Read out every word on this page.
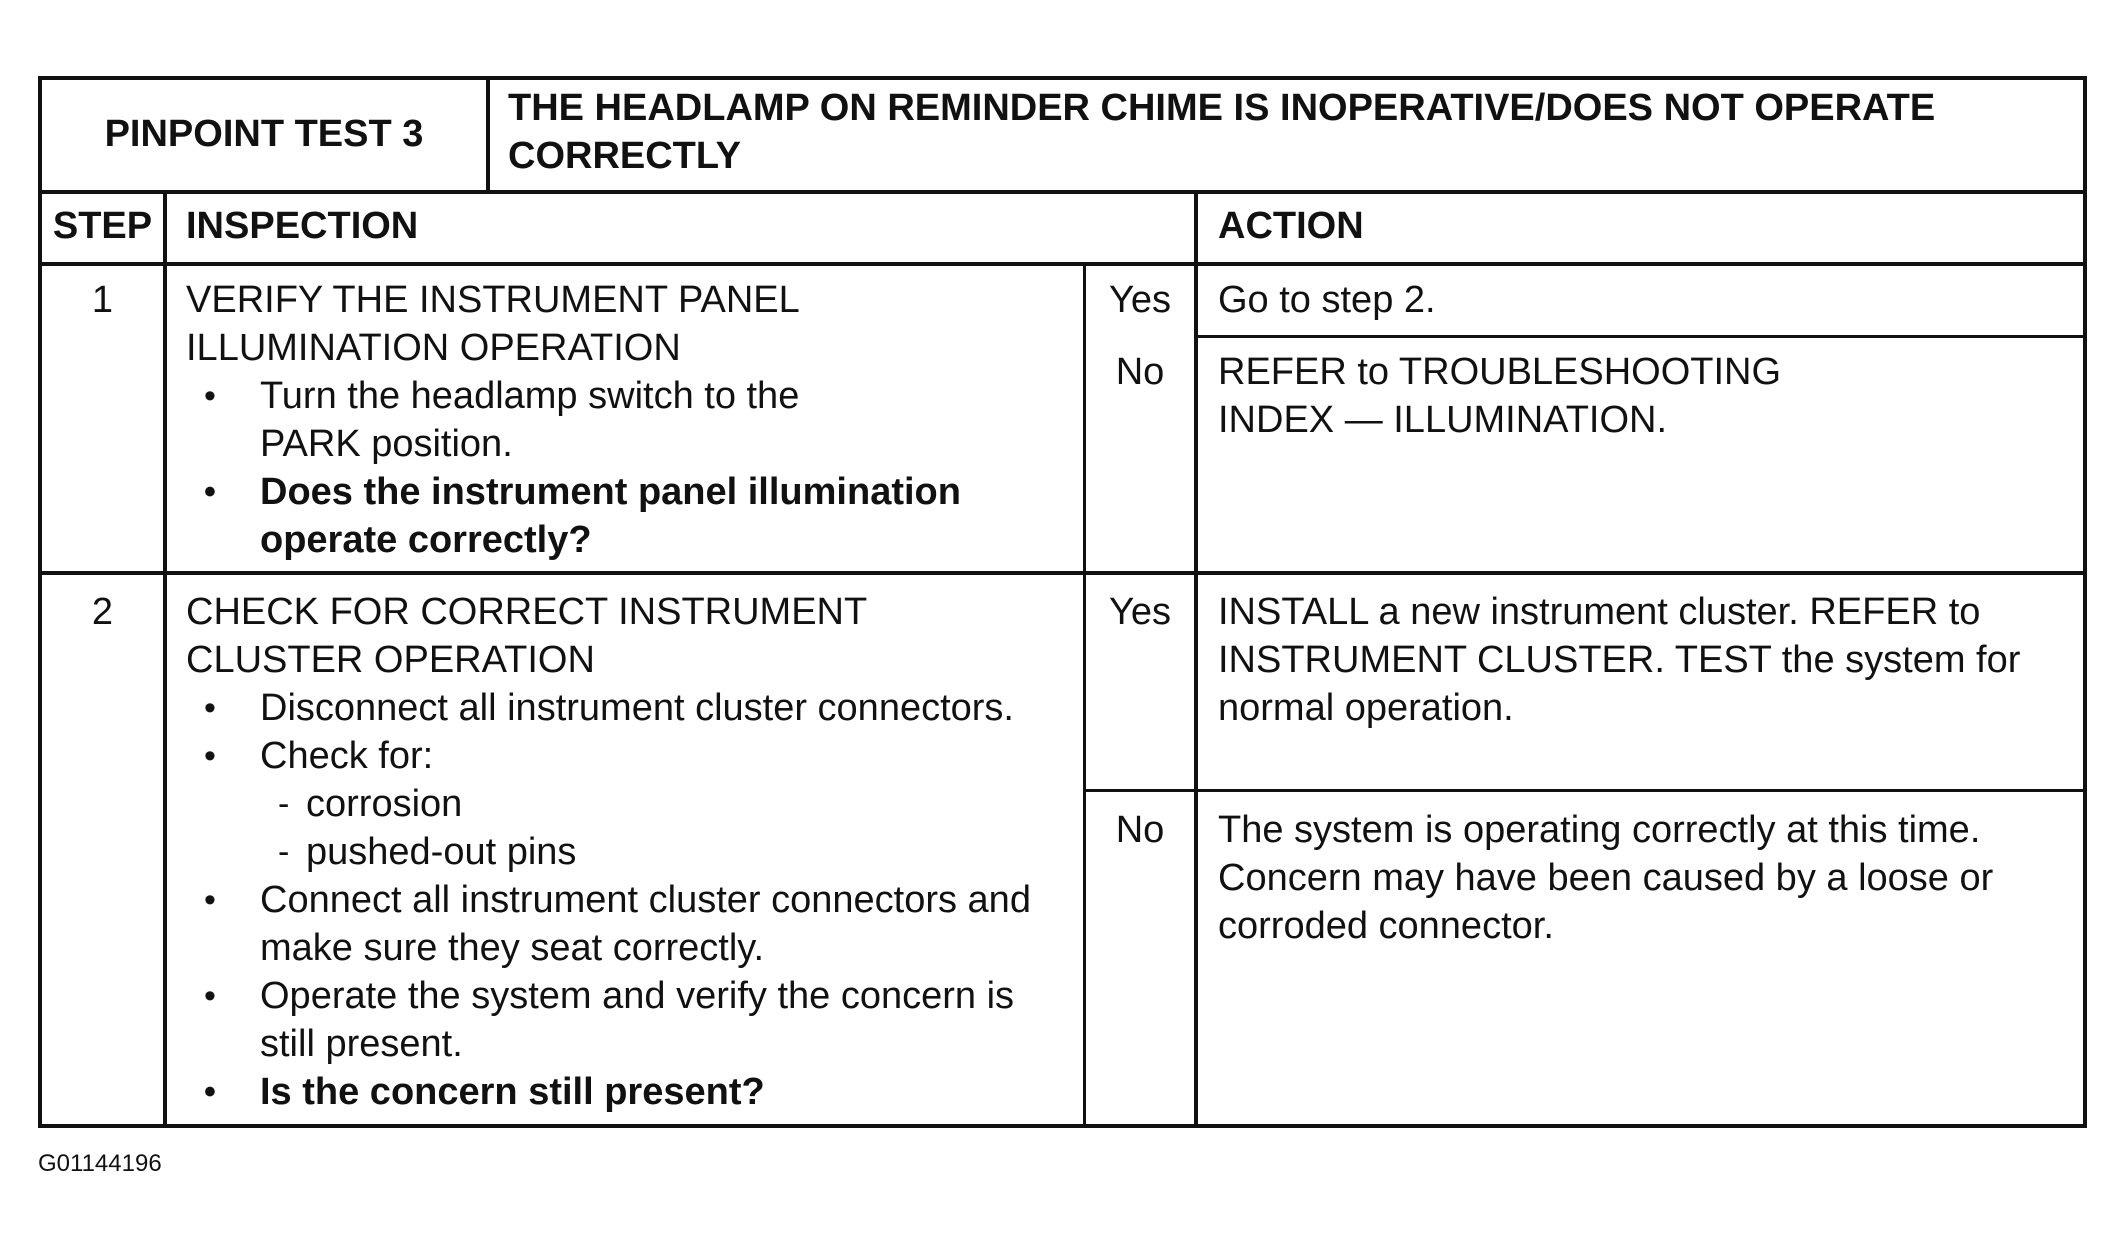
PINPOINT TEST 3
THE HEADLAMP ON REMINDER CHIME IS INOPERATIVE/DOES NOT OPERATE CORRECTLY
STEP INSPECTION	ACTION
1	VERIFY THE INSTRUMENT PANEL ILLUMINATION OPERATION
• Turn the headlamp switch to the PARK position.
• Does the instrument panel illumination operate correctly?
Yes	Go to step 2.
No	REFER to TROUBLESHOOTING INDEX — ILLUMINATION.
2	CHECK FOR CORRECT INSTRUMENT CLUSTER OPERATION
• Disconnect all instrument cluster connectors.
• Check for:
- corrosion
- pushed-out pins
• Connect all instrument cluster connectors and make sure they seat correctly.
• Operate the system and verify the concern is still present.
• Is the concern still present?
Yes	INSTALL a new instrument cluster. REFER to INSTRUMENT CLUSTER. TEST the system for normal operation.
No	The system is operating correctly at this time. Concern may have been caused by a loose or corroded connector.
G01144196
